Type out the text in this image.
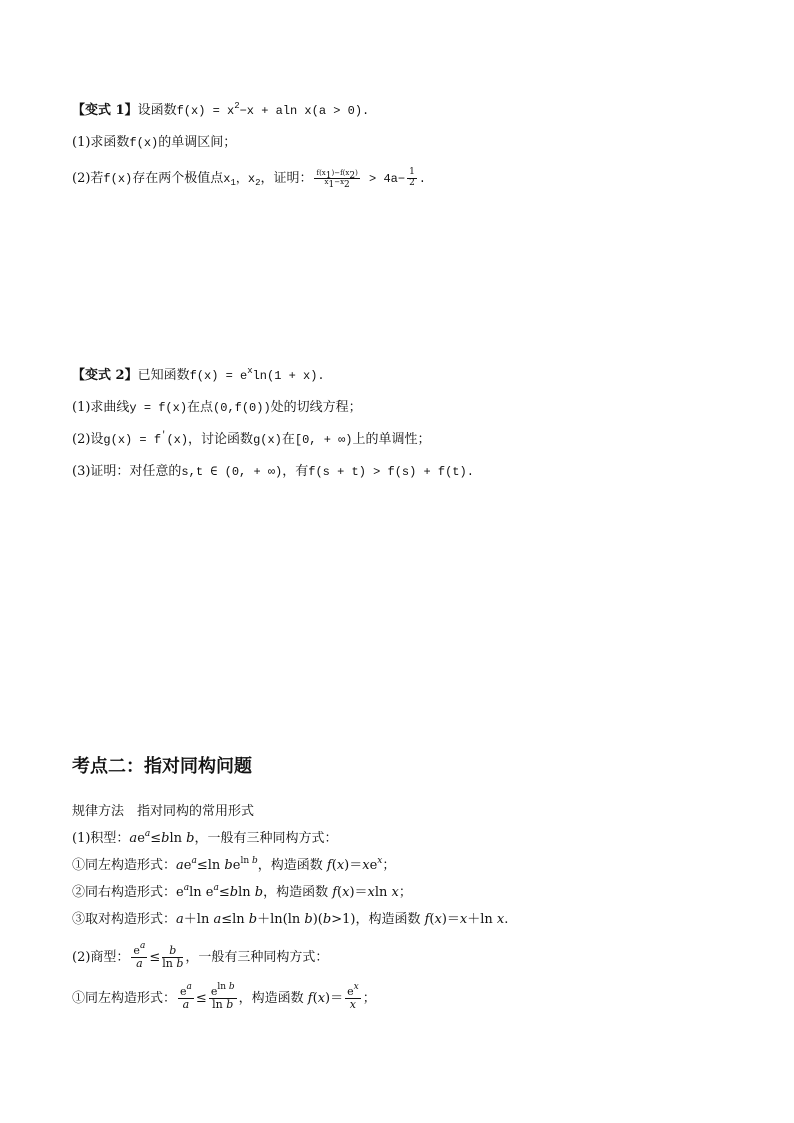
【变式 1】设函数$f(x) = x^2-x + aln$ x(a > 0).
(1)求函数f(x)的单调区间；
(2)若f(x)存在两个极值点$x_1$，$x_2$，证明： $\frac{f(x_1)-f(x_2)}{x_1-x_2} > 4a- \frac{1}{2}$ .
【变式 2】已知函数$f(x) = e^x\ln(1 + x)$.
(1)求曲线y = f(x)在点(0,f(0))处的切线方程；
(2)设g(x) = f′(x)，讨论函数g(x)在[0, + ∞)上的单调性；
(3)证明：对任意的s,t ∈ (0, + ∞)，有f(s + t) > f(s) + f(t).
考点二：指对同构问题
规律方法　指对同构的常用形式
(1)积型：$ae^a\le bln$ b，一般有三种同构方式：
①同左构造形式：$ae^a\le\ln$ $be^{ln b}$，构造函数 $f(x)=xe^x$；
②同右构造形式：$e^a\ln$ $e^a\le bln$ b，构造函数 f(x)＝xln x；
③取对构造形式：a＋ln a≤ln b＋ln(ln b)(b>1)，构造函数 f(x)＝x＋ln x.
(2)商型： $\frac{e^a}{a} \le \frac{b}{\text{ln b}}$ ，一般有三种同构方式：
①同左构造形式： $\frac{e^a}{a} \le \frac{e^{ln b}}{\text{ln b}}$ ，构造函数 $f(x)= \frac{e^x}{x}$ ；
